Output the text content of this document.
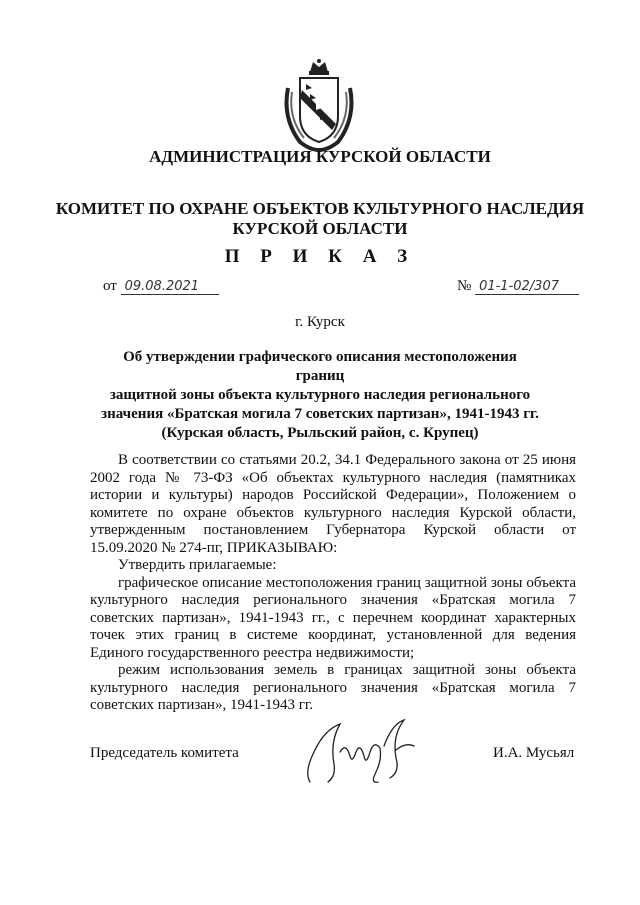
АДМИНИСТРАЦИЯ КУРСКОЙ ОБЛАСТИ
КОМИТЕТ ПО ОХРАНЕ ОБЪЕКТОВ КУЛЬТУРНОГО НАСЛЕДИЯ
КУРСКОЙ ОБЛАСТИ
П Р И К А З
от 09.08.2021	№ 01-1-02/307
г. Курск
Об утверждении графического описания местоположения границ
защитной зоны объекта культурного наследия регионального
значения «Братская могила 7 советских партизан», 1941-1943 гг.
(Курская область, Рыльский район, с. Крупец)

В соответствии со статьями 20.2, 34.1 Федерального закона от 25 июня 2002 года № 73-ФЗ «Об объектах культурного наследия (памятниках истории и культуры) народов Российской Федерации», Положением о комитете по охране объектов культурного наследия Курской области, утвержденным постановлением Губернатора Курской области от 15.09.2020 № 274-пг, ПРИКАЗЫВАЮ:

Утвердить прилагаемые:

графическое описание местоположения границ защитной зоны объекта культурного наследия регионального значения «Братская могила 7 советских партизан», 1941-1943 гг., с перечнем координат характерных точек этих границ в системе координат, установленной для ведения Единого государственного реестра недвижимости;

режим использования земель в границах защитной зоны объекта культурного наследия регионального значения «Братская могила 7 советских партизан», 1941-1943 гг.

Председатель комитета	И.А. Мусьял
